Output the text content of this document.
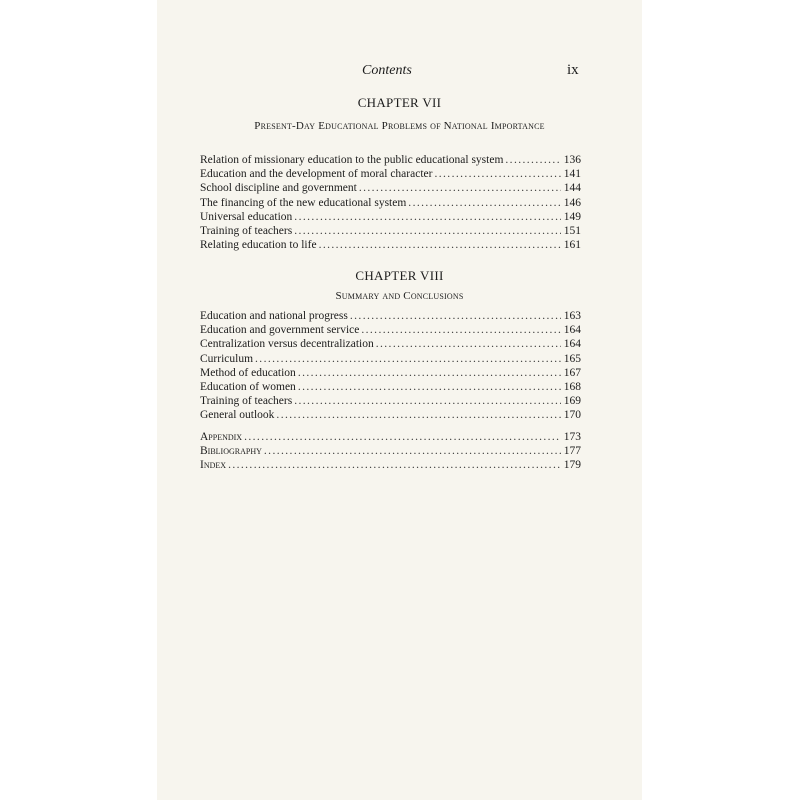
Contents	ix
CHAPTER VII
Present-Day Educational Problems of National Importance
Relation of missionary education to the public educational system .....	136
Education and the development of moral character .....	141
School discipline and government .....	144
The financing of the new educational system .....	146
Universal education .....	149
Training of teachers .....	151
Relating education to life .....	161
CHAPTER VIII
Summary and Conclusions
Education and national progress .....	163
Education and government service .....	164
Centralization versus decentralization .....	164
Curriculum .....	165
Method of education .....	167
Education of women .....	168
Training of teachers .....	169
General outlook .....	170
Appendix .....	173
Bibliography .....	177
Index .....	179
